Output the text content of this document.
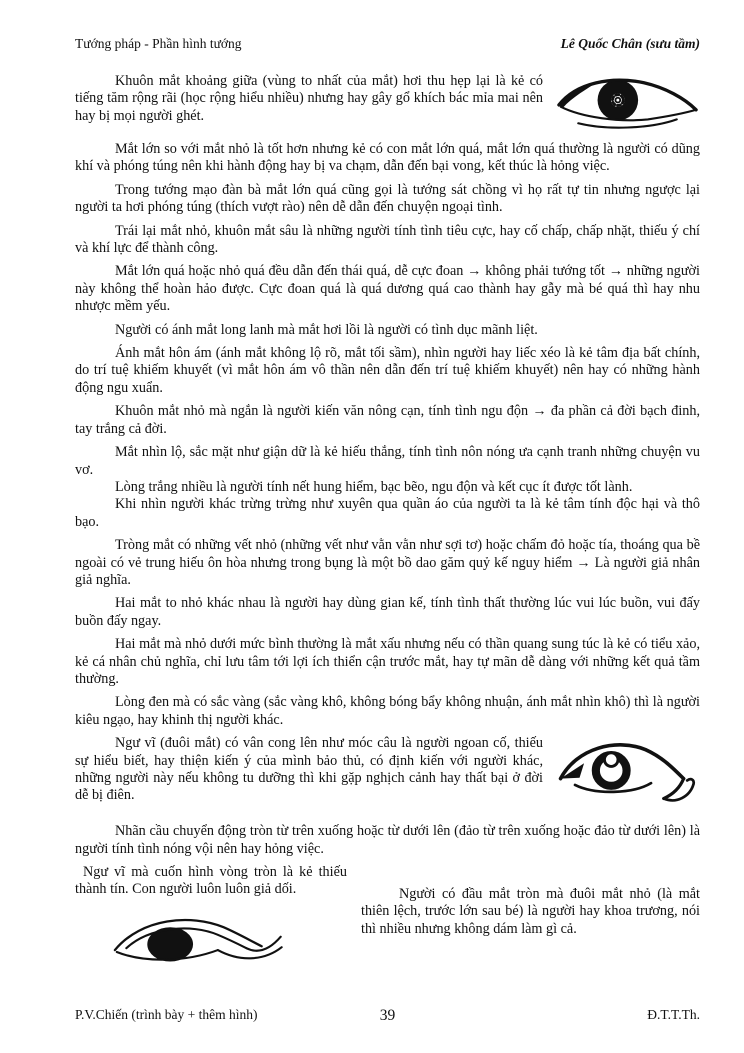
Tướng pháp - Phần hình tướng	Lê Quốc Chân (sưu tầm)

Khuôn mắt khoảng giữa (vùng to nhất của mắt) hơi thu hẹp lại là kẻ có tiếng tăm rộng rãi (học rộng hiểu nhiều) nhưng hay gây gổ khích bác mỉa mai nên hay bị mọi người ghét.

Mắt lớn so với mắt nhỏ là tốt hơn nhưng kẻ có con mắt lớn quá, mắt lớn quá thường là người có dũng khí và phóng túng nên khi hành động hay bị va chạm, dẫn đến bại vong, kết thúc là hỏng việc.

Trong tướng mạo đàn bà mắt lớn quá cũng gọi là tướng sát chồng vì họ rất tự tin nhưng ngược lại người ta hơi phóng túng (thích vượt rào) nên dễ dẫn đến chuyện ngoại tình.

Trái lại mắt nhỏ, khuôn mắt sâu là những người tính tình tiêu cực, hay cố chấp, chấp nhặt, thiếu ý chí và khí lực để thành công.

Mắt lớn quá hoặc nhỏ quá đều dẫn đến thái quá, dễ cực đoan → không phải tướng tốt → những người này không thể hoàn hảo được. Cực đoan quá là quá dương quá cao thành hay gẫy mà bé quá thì hay nhu nhược mềm yếu.

Người có ánh mắt long lanh mà mắt hơi lồi là người có tình dục mãnh liệt.

Ánh mắt hôn ám (ánh mắt không lộ rõ, mắt tối sầm), nhìn người hay liếc xéo là kẻ tâm địa bất chính, do trí tuệ khiếm khuyết (vì mắt hôn ám vô thần nên dẫn đến trí tuệ khiếm khuyết) nên hay có những hành động ngu xuẩn.

Khuôn mắt nhỏ mà ngắn là người kiến văn nông cạn, tính tình ngu độn → đa phần cả đời bạch đinh, tay trắng cả đời.

Mắt nhìn lộ, sắc mặt như giận dữ là kẻ hiếu thắng, tính tình nôn nóng ưa cạnh tranh những chuyện vu vơ.

Lòng trắng nhiều là người tính nết hung hiểm, bạc bẽo, ngu độn và kết cục ít được tốt lành.

Khi nhìn người khác trừng trừng như xuyên qua quần áo của người ta là kẻ tâm tính độc hại và thô bạo.

Tròng mắt có những vết nhỏ (những vết như vằn vằn như sợi tơ) hoặc chấm đỏ hoặc tía, thoáng qua bề ngoài có vẻ trung hiếu ôn hòa nhưng trong bụng là một bồ dao găm quỷ kế nguy hiểm → Là người giả nhân giả nghĩa.

Hai mắt to nhỏ khác nhau là người hay dùng gian kế, tính tình thất thường lúc vui lúc buồn, vui đấy buồn đấy ngay.

Hai mắt mà nhỏ dưới mức bình thường là mắt xấu nhưng nếu có thần quang sung túc là kẻ có tiểu xảo, kẻ cá nhân chủ nghĩa, chỉ lưu tâm tới lợi ích thiển cận trước mắt, hay tự mãn dễ dàng với những kết quả tầm thường.

Lòng đen mà có sắc vàng (sắc vàng khô, không bóng bẩy không nhuận, ánh mắt nhìn khô) thì là người kiêu ngạo, hay khinh thị người khác.

Ngư vĩ (đuôi mắt) có vân cong lên như móc câu là người ngoan cố, thiếu sự hiểu biết, hay thiện kiến ý của mình bảo thủ, có định kiến với người khác, những người này nếu không tu dưỡng thì khi gặp nghịch cảnh hay thất bại ở đời dễ bị điên.

Nhãn cầu chuyển động tròn từ trên xuống hoặc từ dưới lên (đảo từ trên xuống hoặc đảo từ dưới lên) là người tính tình nóng vội nên hay hỏng việc.

Ngư vĩ mà cuốn hình vòng tròn là kẻ thiếu thành tín. Con người luôn luôn giả dối.	Người có đầu mắt tròn mà đuôi mắt nhỏ (là mắt thiên lệch, trước lớn sau bé) là người hay khoa trương, nói thì nhiều nhưng không dám làm gì cả.

P.V.Chiến (trình bày + thêm hình)	39	Đ.T.T.Th.
